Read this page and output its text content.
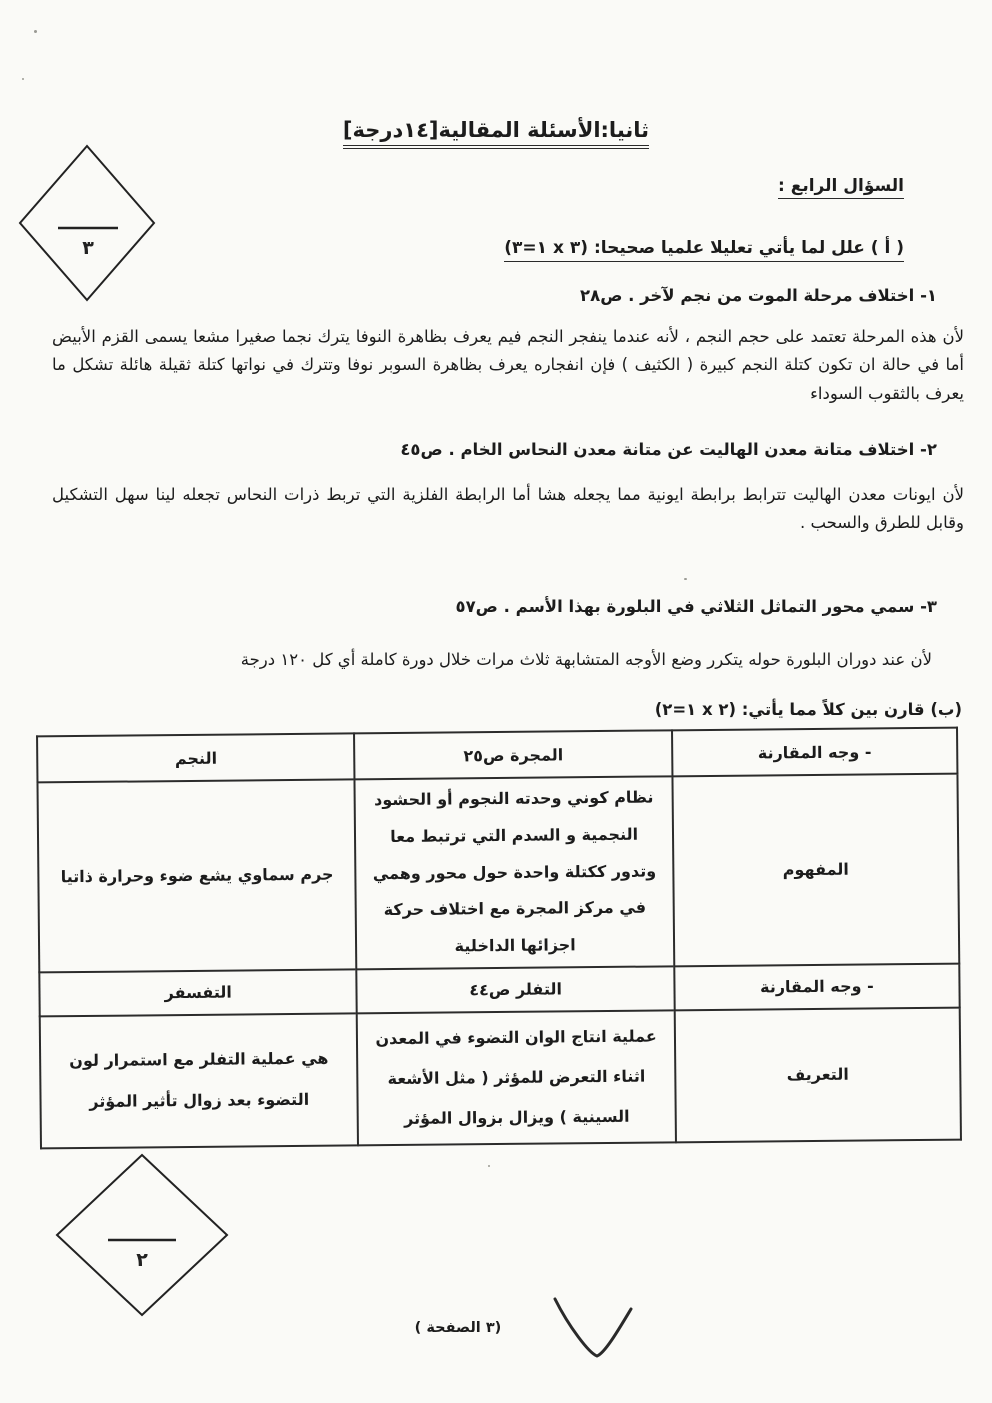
٣
ثانيا:الأسئلة المقالية[١٤درجة]
السؤال الرابع :
( أ ) علل لما يأتي تعليلا علميا صحيحا: (٣ x ١=٣)
١- اختلاف مرحلة الموت من نجم لآخر . ص٢٨
لأن هذه المرحلة تعتمد على حجم النجم ، لأنه عندما ينفجر النجم فيم يعرف بظاهرة النوفا يترك نجما صغيرا مشعا يسمى القزم الأبيض أما في حالة ان تكون كتلة النجم كبيرة ( الكثيف ) فإن انفجاره يعرف بظاهرة السوبر نوفا وتترك في نواتها كتلة ثقيلة هائلة تشكل ما يعرف بالثقوب السوداء
٢- اختلاف متانة معدن الهاليت عن متانة معدن النحاس الخام . ص٤٥
لأن ايونات معدن الهاليت تترابط برابطة ايونية مما يجعله هشا أما الرابطة الفلزية التي تربط ذرات النحاس تجعله لينا سهل التشكيل وقابل للطرق والسحب .
٣- سمي محور التماثل الثلاثي في البلورة بهذا الأسم . ص٥٧
لأن عند دوران البلورة حوله يتكرر وضع الأوجه المتشابهة ثلاث مرات خلال دورة كاملة أي كل ١٢٠ درجة
(ب) قارن بين كلاً مما يأتي: (٢ x ١=٢)
- وجه المقارنة	المجرة ص٢٥	النجم
المفهوم	نظام كوني وحدته النجوم أو الحشود النجمية و السدم التي ترتبط معا وتدور ككتلة واحدة حول محور وهمي في مركز المجرة مع اختلاف حركة اجزائها الداخلية	جرم سماوي يشع ضوء وحرارة ذاتيا
- وجه المقارنة	التفلر ص٤٤	التفسفر
التعريف	عملية انتاج الوان التضوء في المعدن اثناء التعرض للمؤثر ( مثل الأشعة السينية ) ويزال بزوال المؤثر	هي عملية التفلر مع استمرار لون التضوء بعد زوال تأثير المؤثر
٢
( الصفحة‎ ٣)
